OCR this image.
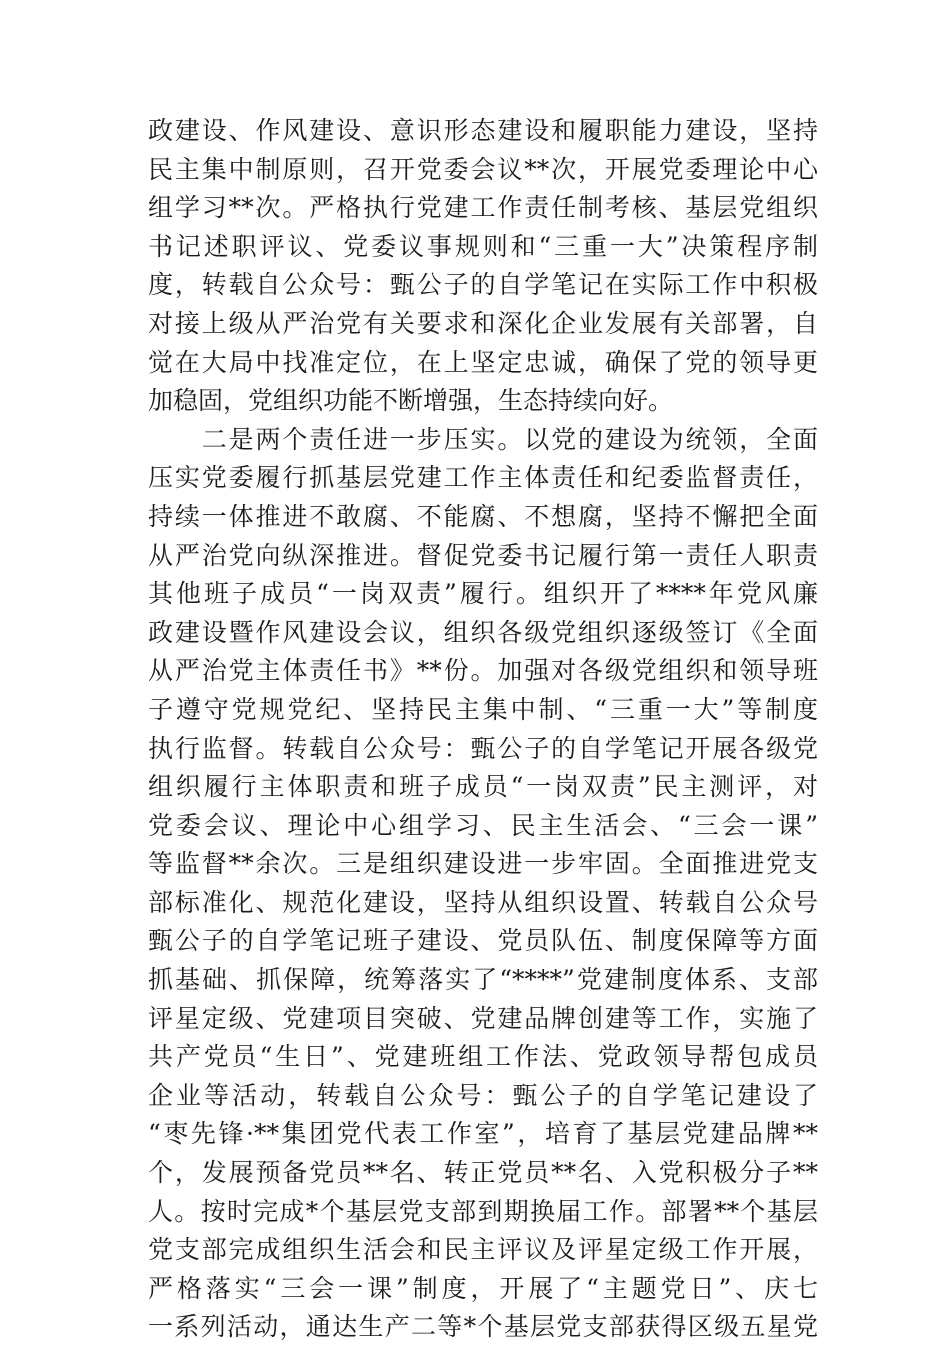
政建设、作风建设、意识形态建设和履职能力建设，坚持
民主集中制原则，召开党委会议**次，开展党委理论中心
组学习**次。严格执行党建工作责任制考核、基层党组织
书记述职评议、党委议事规则和“三重一大”决策程序制
度，转载自公众号：甄公子的自学笔记在实际工作中积极
对接上级从严治党有关要求和深化企业发展有关部署，自
觉在大局中找准定位，在上坚定忠诚，确保了党的领导更
加稳固，党组织功能不断增强，生态持续向好。
　　二是两个责任进一步压实。以党的建设为统领，全面
压实党委履行抓基层党建工作主体责任和纪委监督责任，
持续一体推进不敢腐、不能腐、不想腐，坚持不懈把全面
从严治党向纵深推进。督促党委书记履行第一责任人职责
其他班子成员“一岗双责”履行。组织开了****年党风廉
政建设暨作风建设会议，组织各级党组织逐级签订《全面
从严治党主体责任书》**份。加强对各级党组织和领导班
子遵守党规党纪、坚持民主集中制、“三重一大”等制度
执行监督。转载自公众号：甄公子的自学笔记开展各级党
组织履行主体职责和班子成员“一岗双责”民主测评，对
党委会议、理论中心组学习、民主生活会、“三会一课”
等监督**余次。三是组织建设进一步牢固。全面推进党支
部标准化、规范化建设，坚持从组织设置、转载自公众号
甄公子的自学笔记班子建设、党员队伍、制度保障等方面
抓基础、抓保障，统筹落实了“****”党建制度体系、支部
评星定级、党建项目突破、党建品牌创建等工作，实施了
共产党员“生日”、党建班组工作法、党政领导帮包成员
企业等活动，转载自公众号：甄公子的自学笔记建设了
“枣先锋·**集团党代表工作室”，培育了基层党建品牌**
个，发展预备党员**名、转正党员**名、入党积极分子**
人。按时完成*个基层党支部到期换届工作。部署**个基层
党支部完成组织生活会和民主评议及评星定级工作开展，
严格落实“三会一课”制度，开展了“主题党日”、庆七
一系列活动，通达生产二等*个基层党支部获得区级五星党
